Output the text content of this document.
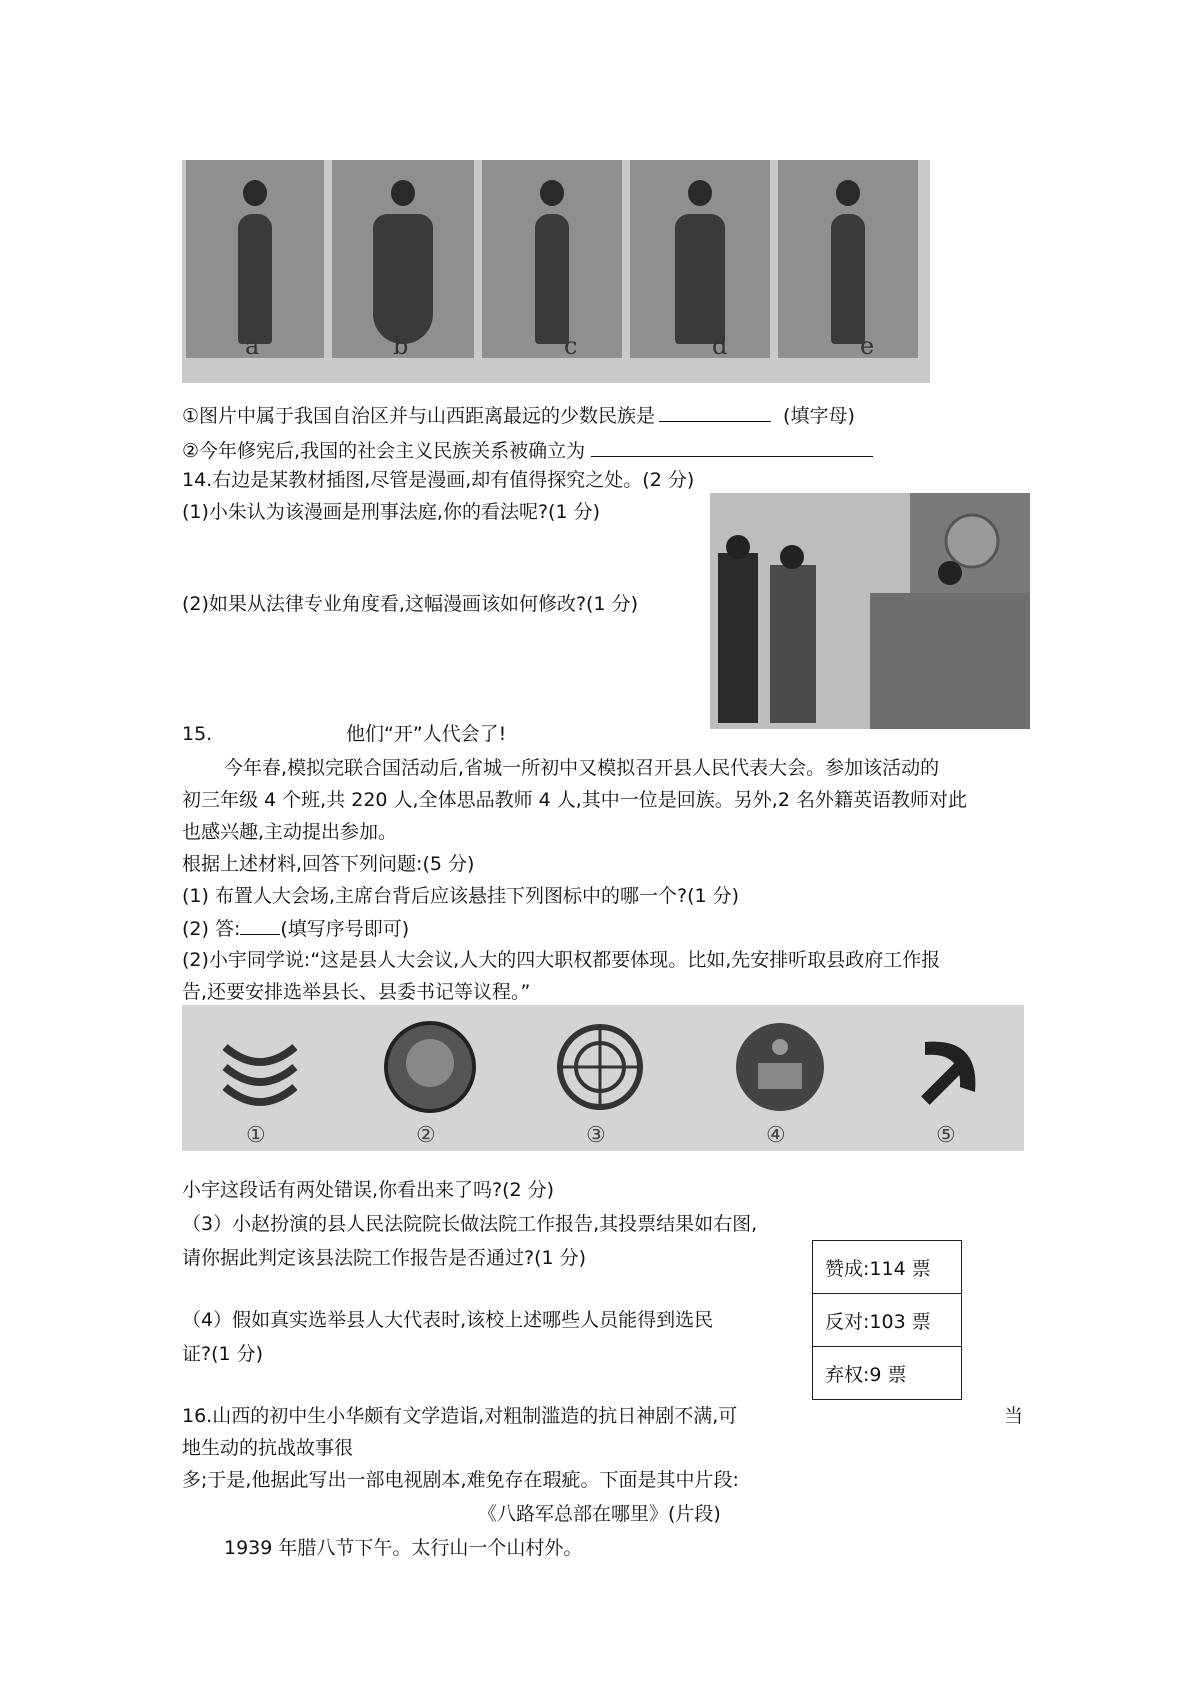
a	b	c	d	e
①图片中属于我国自治区并与山西距离最远的少数民族是	(填字母)
②今年修宪后,我国的社会主义民族关系被确立为
14.右边是某教材插图,尽管是漫画,却有值得探究之处。(2 分)
(1)小朱认为该漫画是刑事法庭,你的看法呢?(1 分)
(2)如果从法律专业角度看,这幅漫画该如何修改?(1 分)
15.	他们“开”人代会了!
今年春,模拟完联合国活动后,省城一所初中又模拟召开县人民代表大会。参加该活动的
初三年级 4 个班,共 220 人,全体思品教师 4 人,其中一位是回族。另外,2 名外籍英语教师对此
也感兴趣,主动提出参加。
根据上述材料,回答下列问题:(5 分)
(1) 布置人大会场,主席台背后应该悬挂下列图标中的哪一个?(1 分)
(2) 答: (填写序号即可)
(2)小宇同学说:“这是县人大会议,人大的四大职权都要体现。比如,先安排听取县政府工作报
告,还要安排选举县长、县委书记等议程。”
①	②	③	④	⑤
小宇这段话有两处错误,你看出来了吗?(2 分)
（3）小赵扮演的县人民法院院长做法院工作报告,其投票结果如右图,
请你据此判定该县法院工作报告是否通过?(1 分)
（4）假如真实选举县人大代表时,该校上述哪些人员能得到选民
证?(1 分)
赞成:114 票
反对:103 票
弃权:9 票
16.山西的初中生小华颇有文学造诣,对粗制滥造的抗日神剧不满,可	当
地生动的抗战故事很
多;于是,他据此写出一部电视剧本,难免存在瑕疵。下面是其中片段:
《八路军总部在哪里》(片段)
1939 年腊八节下午。太行山一个山村外。
